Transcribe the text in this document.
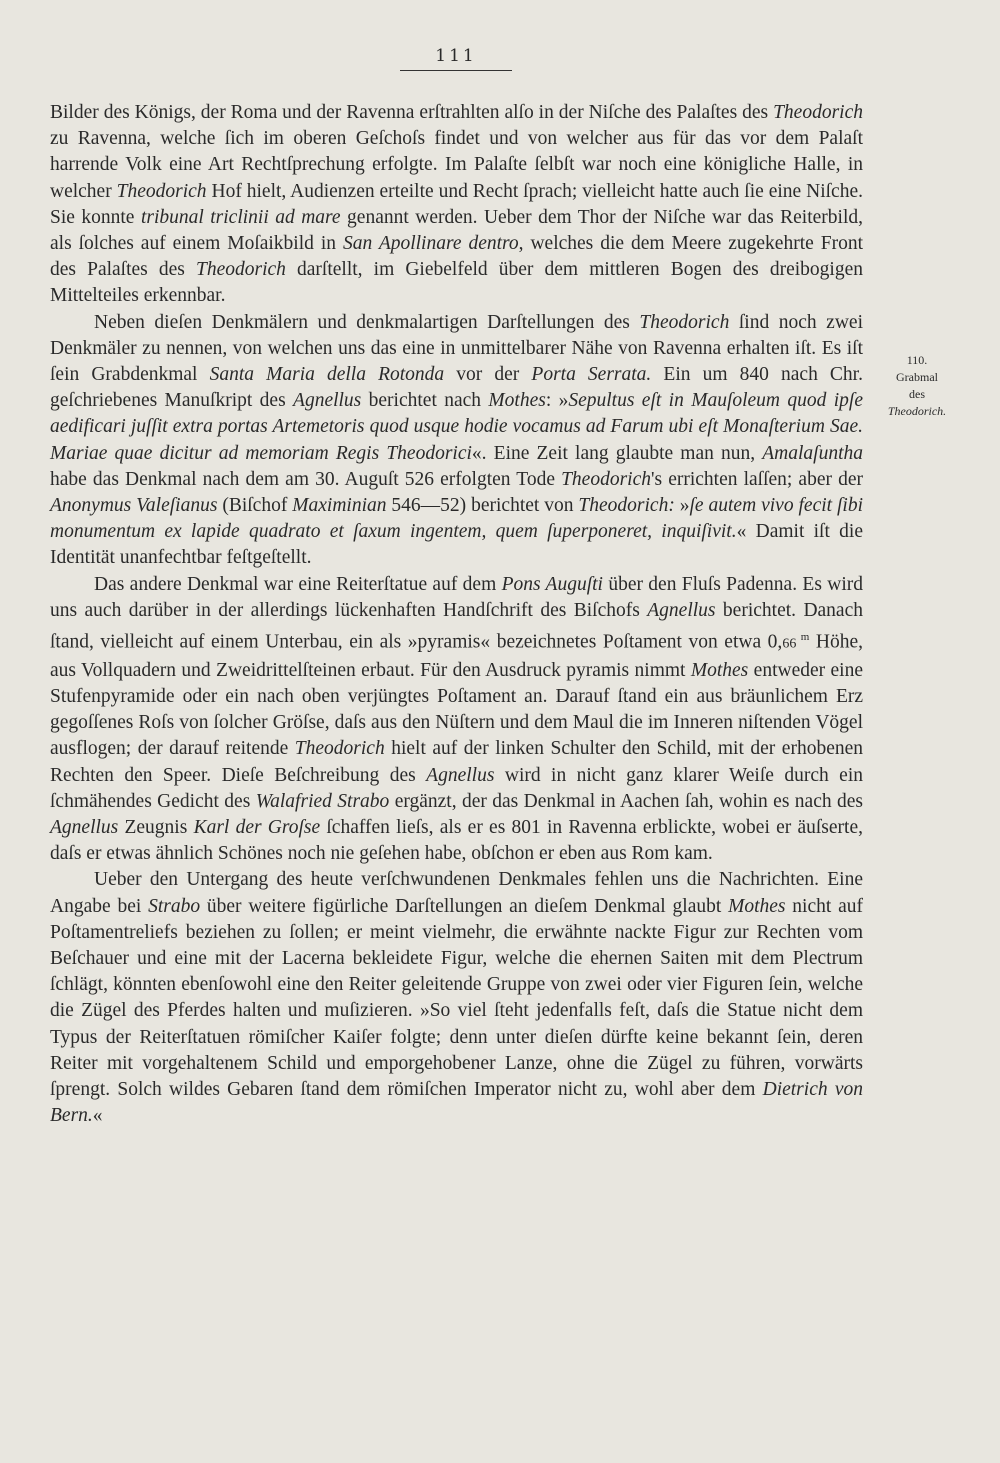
111

Bilder des Königs, der Roma und der Ravenna erſtrahlten alſo in der Niſche des Palaſtes des Theodorich zu Ravenna, welche ſich im oberen Geſchoſs findet und von welcher aus für das vor dem Palaſt harrende Volk eine Art Rechtſprechung erfolgte. Im Palaſte ſelbſt war noch eine königliche Halle, in welcher Theodorich Hof hielt, Audienzen erteilte und Recht ſprach; vielleicht hatte auch ſie eine Niſche. Sie konnte tribunal triclinii ad mare genannt werden. Ueber dem Thor der Niſche war das Reiterbild, als ſolches auf einem Moſaikbild in San Apollinare dentro, welches die dem Meere zugekehrte Front des Palaſtes des Theodorich darſtellt, im Giebelfeld über dem mittleren Bogen des dreibogigen Mittelteiles erkennbar.

Neben dieſen Denkmälern und denkmalartigen Darſtellungen des Theodorich ſind noch zwei Denkmäler zu nennen, von welchen uns das eine in unmittelbarer Nähe von Ravenna erhalten iſt. Es iſt ſein Grabdenkmal Santa Maria della Rotonda vor der Porta Serrata. Ein um 840 nach Chr. geſchriebenes Manuſkript des Agnellus berichtet nach Mothes: »Sepultus eſt in Mauſoleum quod ipſe aedificari juſſit extra portas Artemetoris quod usque hodie vocamus ad Farum ubi eſt Monaſterium Sae. Mariae quae dicitur ad memoriam Regis Theodorici«. Eine Zeit lang glaubte man nun, Amalaſuntha habe das Denkmal nach dem am 30. Auguſt 526 erfolgten Tode Theodorich's errichten laſſen; aber der Anonymus Valeſianus (Biſchof Maximinian 546—52) berichtet von Theodorich: »ſe autem vivo fecit ſibi monumentum ex lapide quadrato et ſaxum ingentem, quem ſuperponeret, inquiſivit.« Damit iſt die Identität unanfechtbar feſtgeſtellt.

Das andere Denkmal war eine Reiterſtatue auf dem Pons Auguſti über den Fluſs Padenna. Es wird uns auch darüber in der allerdings lückenhaften Handſchrift des Biſchofs Agnellus berichtet. Danach ſtand, vielleicht auf einem Unterbau, ein als »pyramis« bezeichnetes Poſtament von etwa 0,66 $^m$ Höhe, aus Vollquadern und Zweidrittelſteinen erbaut. Für den Ausdruck pyramis nimmt Mothes entweder eine Stufenpyramide oder ein nach oben verjüngtes Poſtament an. Darauf ſtand ein aus bräunlichem Erz gegoſſenes Roſs von ſolcher Gröſse, daſs aus den Nüſtern und dem Maul die im Inneren niſtenden Vögel ausflogen; der darauf reitende Theodorich hielt auf der linken Schulter den Schild, mit der erhobenen Rechten den Speer. Dieſe Beſchreibung des Agnellus wird in nicht ganz klarer Weiſe durch ein ſchmähendes Gedicht des Walafried Strabo ergänzt, der das Denkmal in Aachen ſah, wohin es nach des Agnellus Zeugnis Karl der Groſse ſchaffen lieſs, als er es 801 in Ravenna erblickte, wobei er äuſserte, daſs er etwas ähnlich Schönes noch nie geſehen habe, obſchon er eben aus Rom kam.

Ueber den Untergang des heute verſchwundenen Denkmales fehlen uns die Nachrichten. Eine Angabe bei Strabo über weitere figürliche Darſtellungen an dieſem Denkmal glaubt Mothes nicht auf Poſtamentreliefs beziehen zu ſollen; er meint vielmehr, die erwähnte nackte Figur zur Rechten vom Beſchauer und eine mit der Lacerna bekleidete Figur, welche die ehernen Saiten mit dem Plectrum ſchlägt, könnten ebenſowohl eine den Reiter geleitende Gruppe von zwei oder vier Figuren ſein, welche die Zügel des Pferdes halten und muſizieren. »So viel ſteht jedenfalls feſt, daſs die Statue nicht dem Typus der Reiterſtatuen römiſcher Kaiſer folgte; denn unter dieſen dürfte keine bekannt ſein, deren Reiter mit vorgehaltenem Schild und emporgehobener Lanze, ohne die Zügel zu führen, vorwärts ſprengt. Solch wildes Gebaren ſtand dem römiſchen Imperator nicht zu, wohl aber dem Dietrich von Bern.«

110.
Grabmal
des
Theodorich.
